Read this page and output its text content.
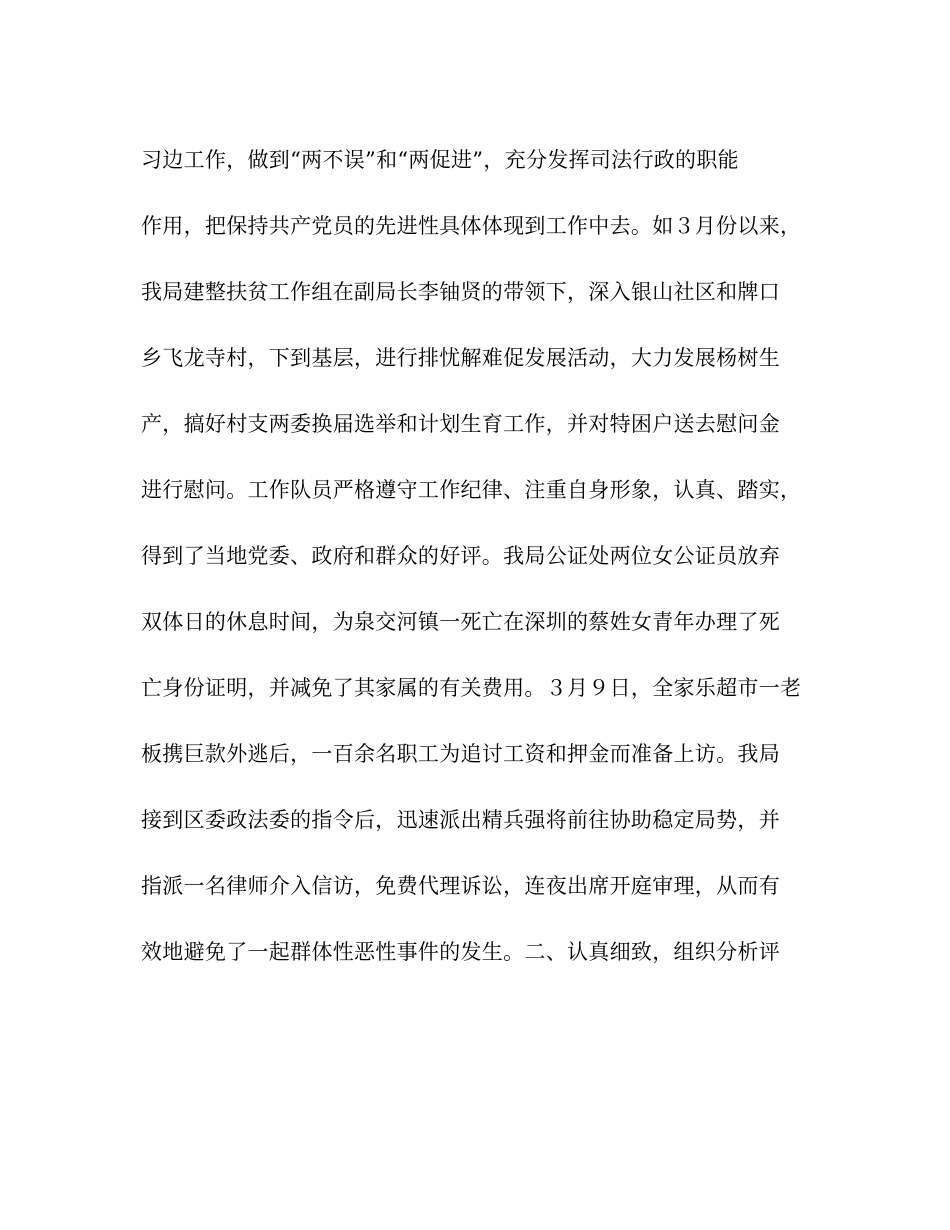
习边工作，做到“两不误”和“两促进”，充分发挥司法行政的职能
作用，把保持共产党员的先进性具体体现到工作中去。如３月份以来，
我局建整扶贫工作组在副局长李铀贤的带领下，深入银山社区和牌口
乡飞龙寺村，下到基层，进行排忧解难促发展活动，大力发展杨树生
产，搞好村支两委换届选举和计划生育工作，并对特困户送去慰问金
进行慰问。工作队员严格遵守工作纪律、注重自身形象，认真、踏实，
得到了当地党委、政府和群众的好评。我局公证处两位女公证员放弃
双体日的休息时间，为泉交河镇一死亡在深圳的蔡姓女青年办理了死
亡身份证明，并减免了其家属的有关费用。３月９日，全家乐超市一老
板携巨款外逃后，一百余名职工为追讨工资和押金而准备上访。我局
接到区委政法委的指令后，迅速派出精兵强将前往协助稳定局势，并
指派一名律师介入信访，免费代理诉讼，连夜出席开庭审理，从而有
效地避免了一起群体性恶性事件的发生。二、认真细致，组织分析评
